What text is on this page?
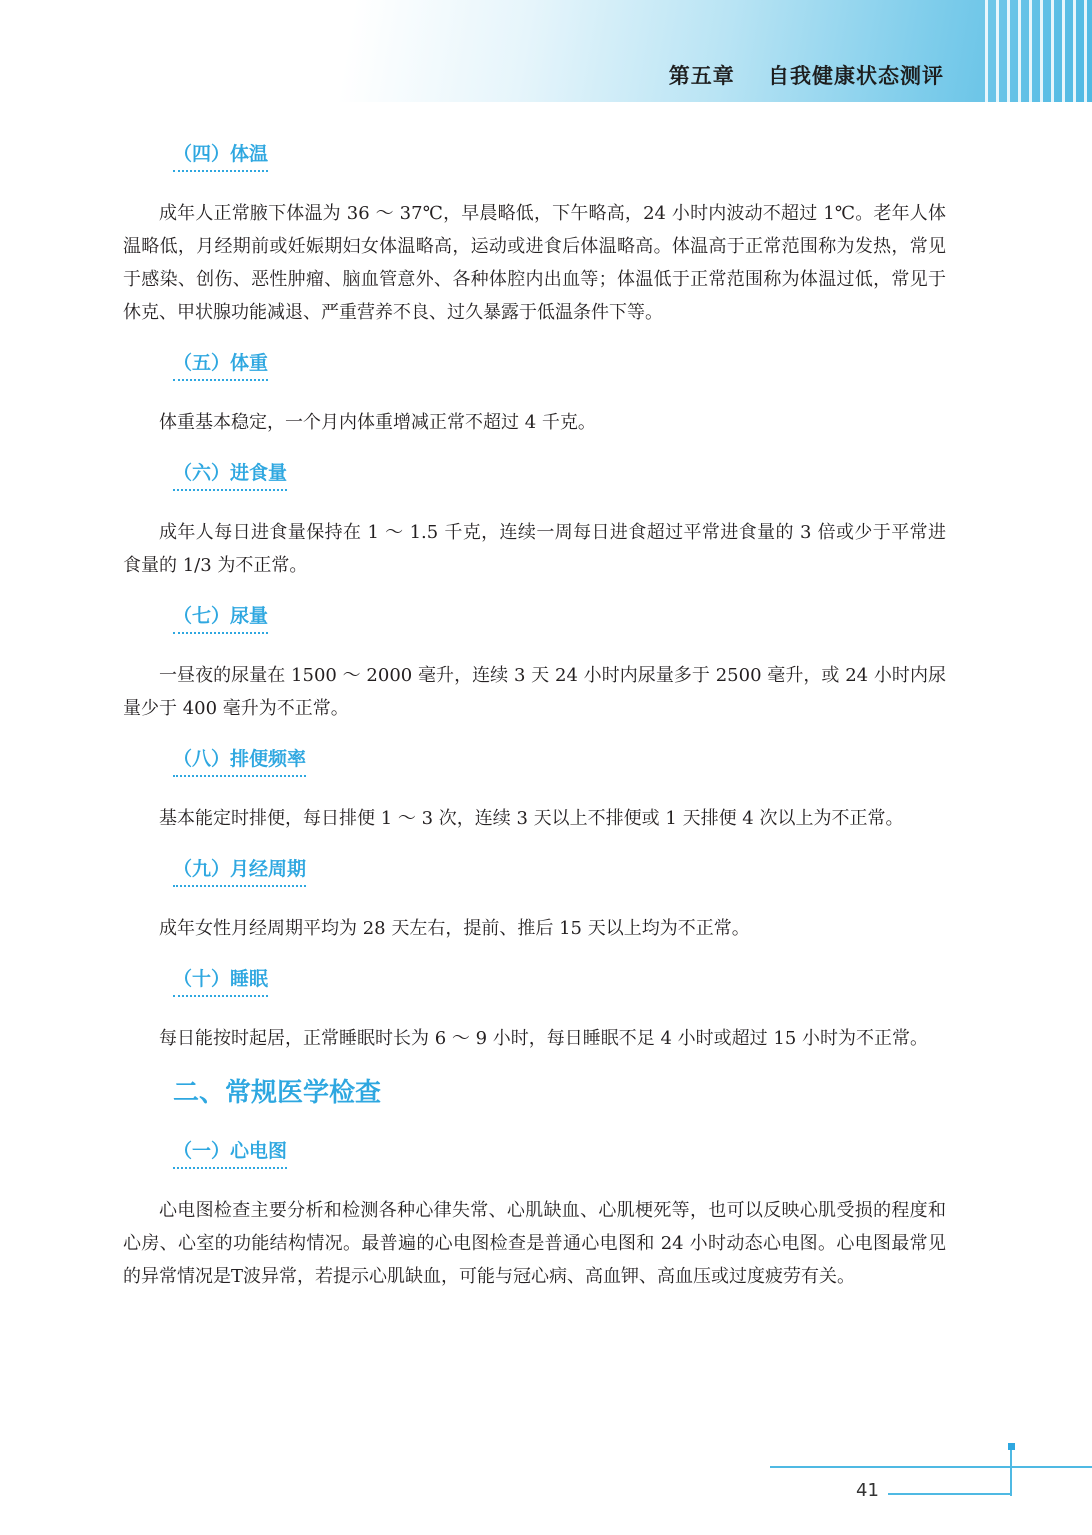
第五章    自我健康状态测评
（四）体温

成年人正常腋下体温为 36 ～ 37℃，早晨略低，下午略高，24 小时内波动不超过 1℃。老年人体温略低，月经期前或妊娠期妇女体温略高，运动或进食后体温略高。体温高于正常范围称为发热，常见于感染、创伤、恶性肿瘤、脑血管意外、各种体腔内出血等；体温低于正常范围称为体温过低，常见于休克、甲状腺功能减退、严重营养不良、过久暴露于低温条件下等。

（五）体重

体重基本稳定，一个月内体重增减正常不超过 4 千克。

（六）进食量

成年人每日进食量保持在 1 ～ 1.5 千克，连续一周每日进食超过平常进食量的 3 倍或少于平常进食量的 1/3 为不正常。

（七）尿量

一昼夜的尿量在 1500 ～ 2000 毫升，连续 3 天 24 小时内尿量多于 2500 毫升，或 24 小时内尿量少于 400 毫升为不正常。

（八）排便频率

基本能定时排便，每日排便 1 ～ 3 次，连续 3 天以上不排便或 1 天排便 4 次以上为不正常。

（九）月经周期

成年女性月经周期平均为 28 天左右，提前、推后 15 天以上均为不正常。

（十）睡眠

每日能按时起居，正常睡眠时长为 6 ～ 9 小时，每日睡眠不足 4 小时或超过 15 小时为不正常。

二、常规医学检查
（一）心电图

心电图检查主要分析和检测各种心律失常、心肌缺血、心肌梗死等，也可以反映心肌受损的程度和心房、心室的功能结构情况。最普遍的心电图检查是普通心电图和 24 小时动态心电图。心电图最常见的异常情况是T波异常，若提示心肌缺血，可能与冠心病、高血钾、高血压或过度疲劳有关。

41
